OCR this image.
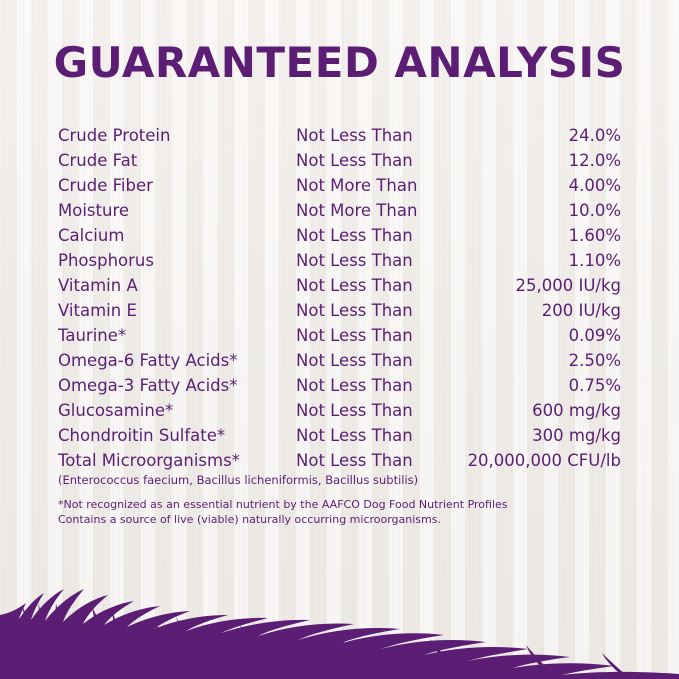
GUARANTEED ANALYSIS
Crude Protein	Not Less Than	24.0%
Crude Fat	Not Less Than	12.0%
Crude Fiber	Not More Than	4.00%
Moisture	Not More Than	10.0%
Calcium	Not Less Than	1.60%
Phosphorus	Not Less Than	1.10%
Vitamin A	Not Less Than	25,000 IU/kg
Vitamin E	Not Less Than	200 IU/kg
Taurine*	Not Less Than	0.09%
Omega-6 Fatty Acids*	Not Less Than	2.50%
Omega-3 Fatty Acids*	Not Less Than	0.75%
Glucosamine*	Not Less Than	600 mg/kg
Chondroitin Sulfate*	Not Less Than	300 mg/kg
Total Microorganisms*	Not Less Than	20,000,000 CFU/lb
(Enterococcus faecium, Bacillus licheniformis, Bacillus subtilis)
*Not recognized as an essential nutrient by the AAFCO Dog Food Nutrient Profiles
Contains a source of live (viable) naturally occurring microorganisms.
